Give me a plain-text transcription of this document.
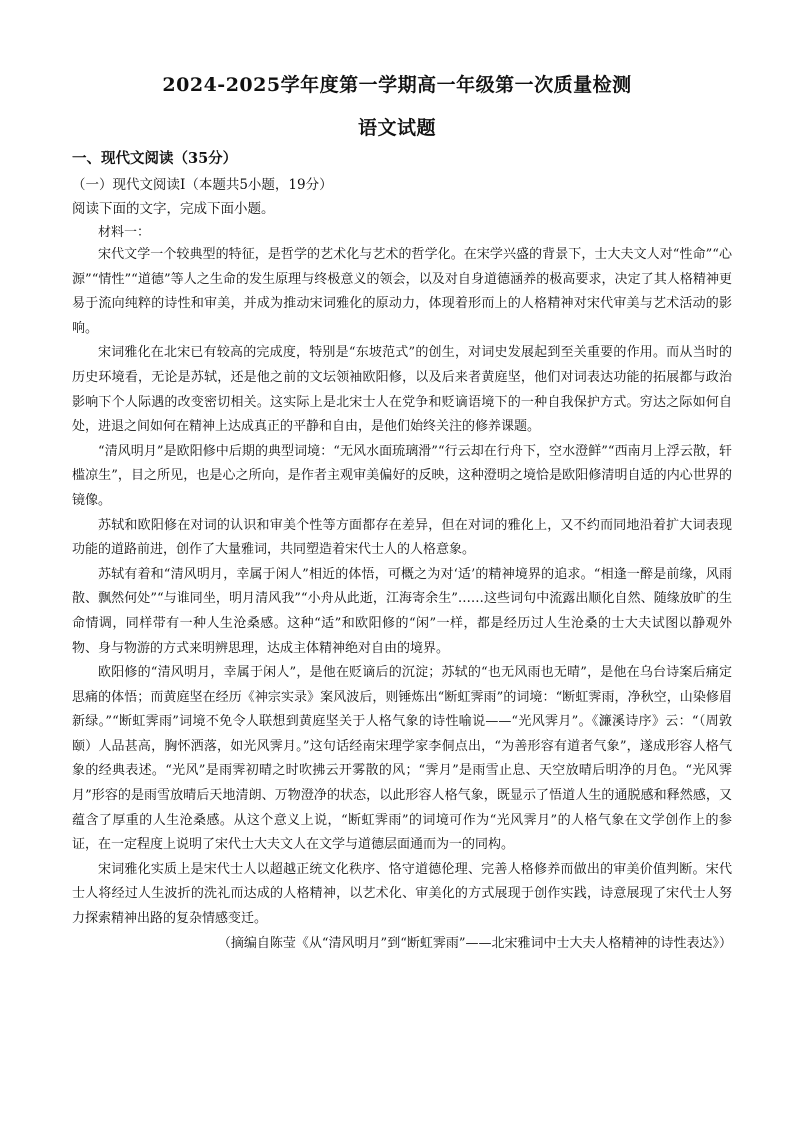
2024-2025学年度第一学期高一年级第一次质量检测
语文试题
一、现代文阅读（35分）
（一）现代文阅读Ⅰ（本题共5小题，19分）
阅读下面的文字，完成下面小题。
材料一：

宋代文学一个较典型的特征，是哲学的艺术化与艺术的哲学化。在宋学兴盛的背景下，士大夫文人对“性命”“心源”“情性”“道德”等人之生命的发生原理与终极意义的领会，以及对自身道德涵养的极高要求，决定了其人格精神更易于流向纯粹的诗性和审美，并成为推动宋词雅化的原动力，体现着形而上的人格精神对宋代审美与艺术活动的影响。

宋词雅化在北宋已有较高的完成度，特别是“东坡范式”的创生，对词史发展起到至关重要的作用。而从当时的历史环境看，无论是苏轼，还是他之前的文坛领袖欧阳修，以及后来者黄庭坚，他们对词表达功能的拓展都与政治影响下个人际遇的改变密切相关。这实际上是北宋士人在党争和贬谪语境下的一种自我保护方式。穷达之际如何自处，进退之间如何在精神上达成真正的平静和自由，是他们始终关注的修养课题。

“清风明月”是欧阳修中后期的典型词境：“无风水面琉璃滑”“行云却在行舟下，空水澄鲜”“西南月上浮云散，轩槛凉生”，目之所见，也是心之所向，是作者主观审美偏好的反映，这种澄明之境恰是欧阳修清明自适的内心世界的镜像。

苏轼和欧阳修在对词的认识和审美个性等方面都存在差异，但在对词的雅化上，又不约而同地沿着扩大词表现功能的道路前进，创作了大量雅词，共同塑造着宋代士人的人格意象。

苏轼有着和“清风明月，幸属于闲人”相近的体悟，可概之为对‘适’的精神境界的追求。“相逢一醉是前缘，风雨散、飘然何处”“与谁同坐，明月清风我”“小舟从此逝，江海寄余生”……这些词句中流露出顺化自然、随缘放旷的生命情调，同样带有一种人生沧桑感。这种“适”和欧阳修的“闲”一样，都是经历过人生沧桑的士大夫试图以静观外物、身与物游的方式来明辨思理，达成主体精神绝对自由的境界。

欧阳修的“清风明月，幸属于闲人”，是他在贬谪后的沉淀；苏轼的“也无风雨也无晴”，是他在乌台诗案后痛定思痛的体悟；而黄庭坚在经历《神宗实录》案风波后，则锤炼出“断虹霁雨”的词境：“断虹霁雨，净秋空，山染修眉新绿。”“断虹霁雨”词境不免令人联想到黄庭坚关于人格气象的诗性喻说——“光风霁月”。《濂溪诗序》云：“（周敦颐）人品甚高，胸怀洒落，如光风霁月。”这句话经南宋理学家李侗点出，“为善形容有道者气象”，遂成形容人格气象的经典表述。“光风”是雨霁初晴之时吹拂云开雾散的风；“霁月”是雨雪止息、天空放晴后明净的月色。“光风霁月”形容的是雨雪放晴后天地清朗、万物澄净的状态，以此形容人格气象，既显示了悟道人生的通脱感和释然感，又蕴含了厚重的人生沧桑感。从这个意义上说，“断虹霁雨”的词境可作为“光风霁月”的人格气象在文学创作上的参证，在一定程度上说明了宋代士大夫文人在文学与道德层面通而为一的同构。

宋词雅化实质上是宋代士人以超越正统文化秩序、恪守道德伦理、完善人格修养而做出的审美价值判断。宋代士人将经过人生波折的洗礼而达成的人格精神，以艺术化、审美化的方式展现于创作实践，诗意展现了宋代士人努力探索精神出路的复杂情感变迁。

（摘编自陈莹《从“清风明月”到“断虹霁雨”——北宋雅词中士大夫人格精神的诗性表达》）
